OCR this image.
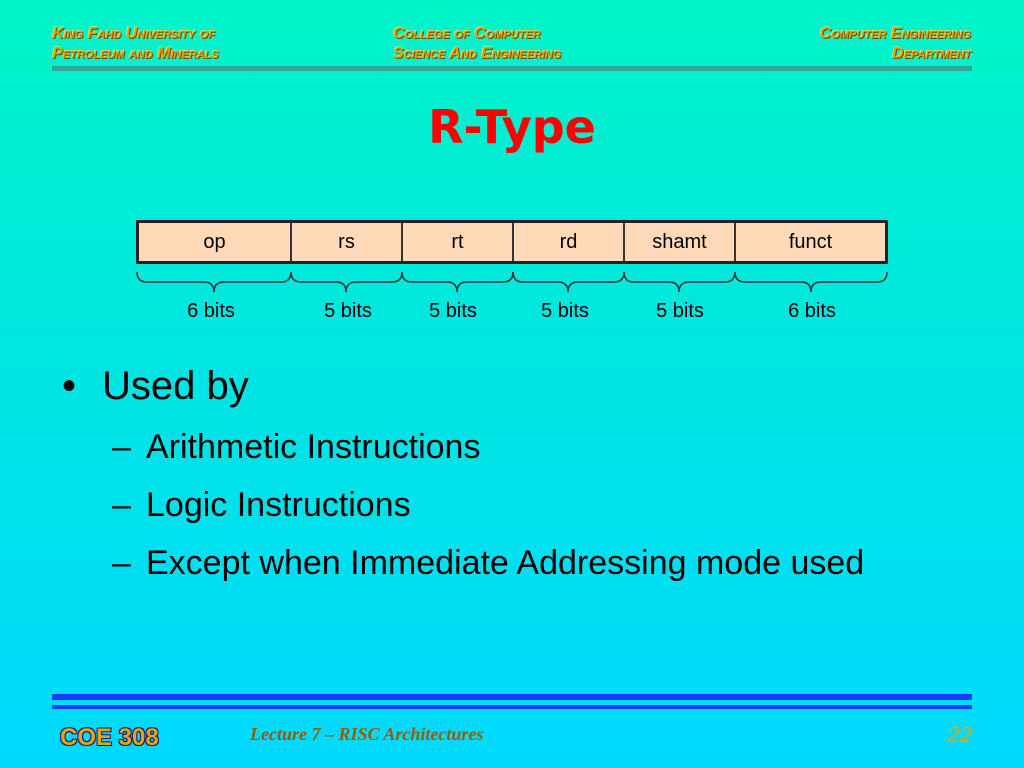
King Fahd University of
Petroleum and Minerals
College of Computer
Science And Engineering
Computer Engineering
Department
R-Type
op	rs	rt	rd	shamt	funct
6 bits	5 bits	5 bits	5 bits	5 bits	6 bits
• Used by
– Arithmetic Instructions
– Logic Instructions
– Except when Immediate Addressing mode used
COE 308	Lecture 7 – RISC Architectures	22
